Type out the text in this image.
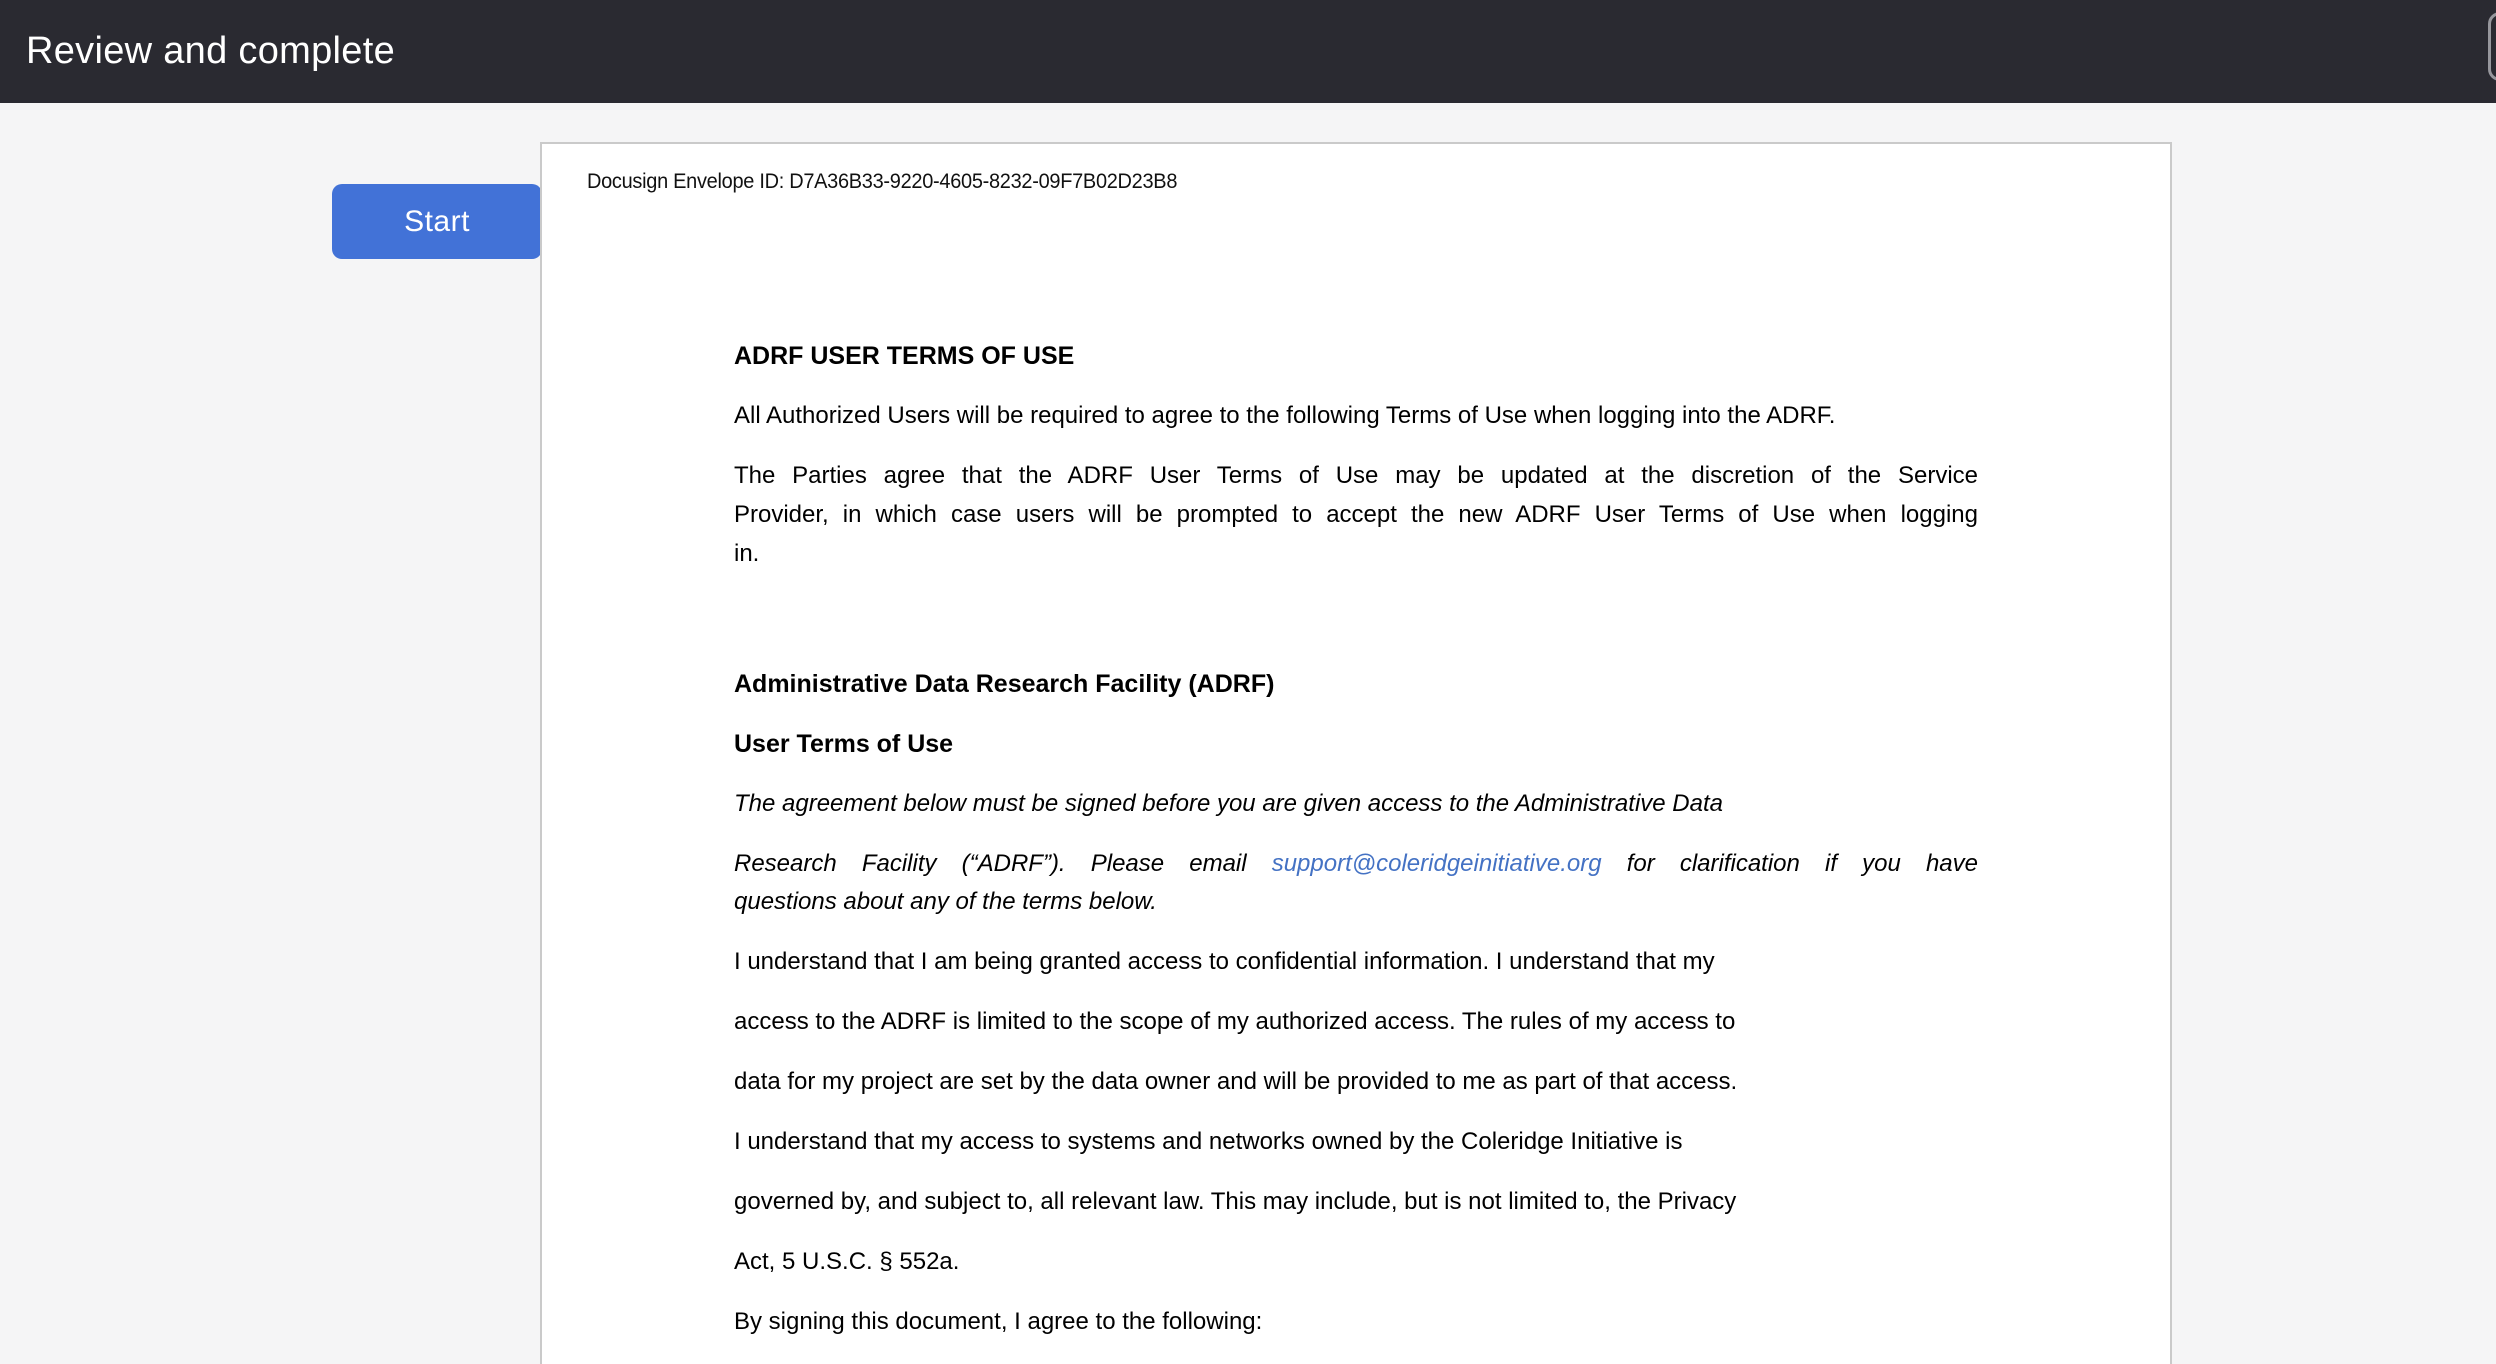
Review and complete
Start
Docusign Envelope ID: D7A36B33-9220-4605-8232-09F7B02D23B8
ADRF USER TERMS OF USE
All Authorized Users will be required to agree to the following Terms of Use when logging into the ADRF.
The Parties agree that the ADRF User Terms of Use may be updated at the discretion of the Service
Provider, in which case users will be prompted to accept the new ADRF User Terms of Use when logging
in.
Administrative Data Research Facility (ADRF)
User Terms of Use
The agreement below must be signed before you are given access to the Administrative Data
Research Facility (“ADRF”). Please email support@coleridgeinitiative.org for clarification if you have
questions about any of the terms below.
I understand that I am being granted access to confidential information. I understand that my
access to the ADRF is limited to the scope of my authorized access. The rules of my access to
data for my project are set by the data owner and will be provided to me as part of that access.
I understand that my access to systems and networks owned by the Coleridge Initiative is
governed by, and subject to, all relevant law. This may include, but is not limited to, the Privacy
Act, 5 U.S.C. § 552a.
By signing this document, I agree to the following:
